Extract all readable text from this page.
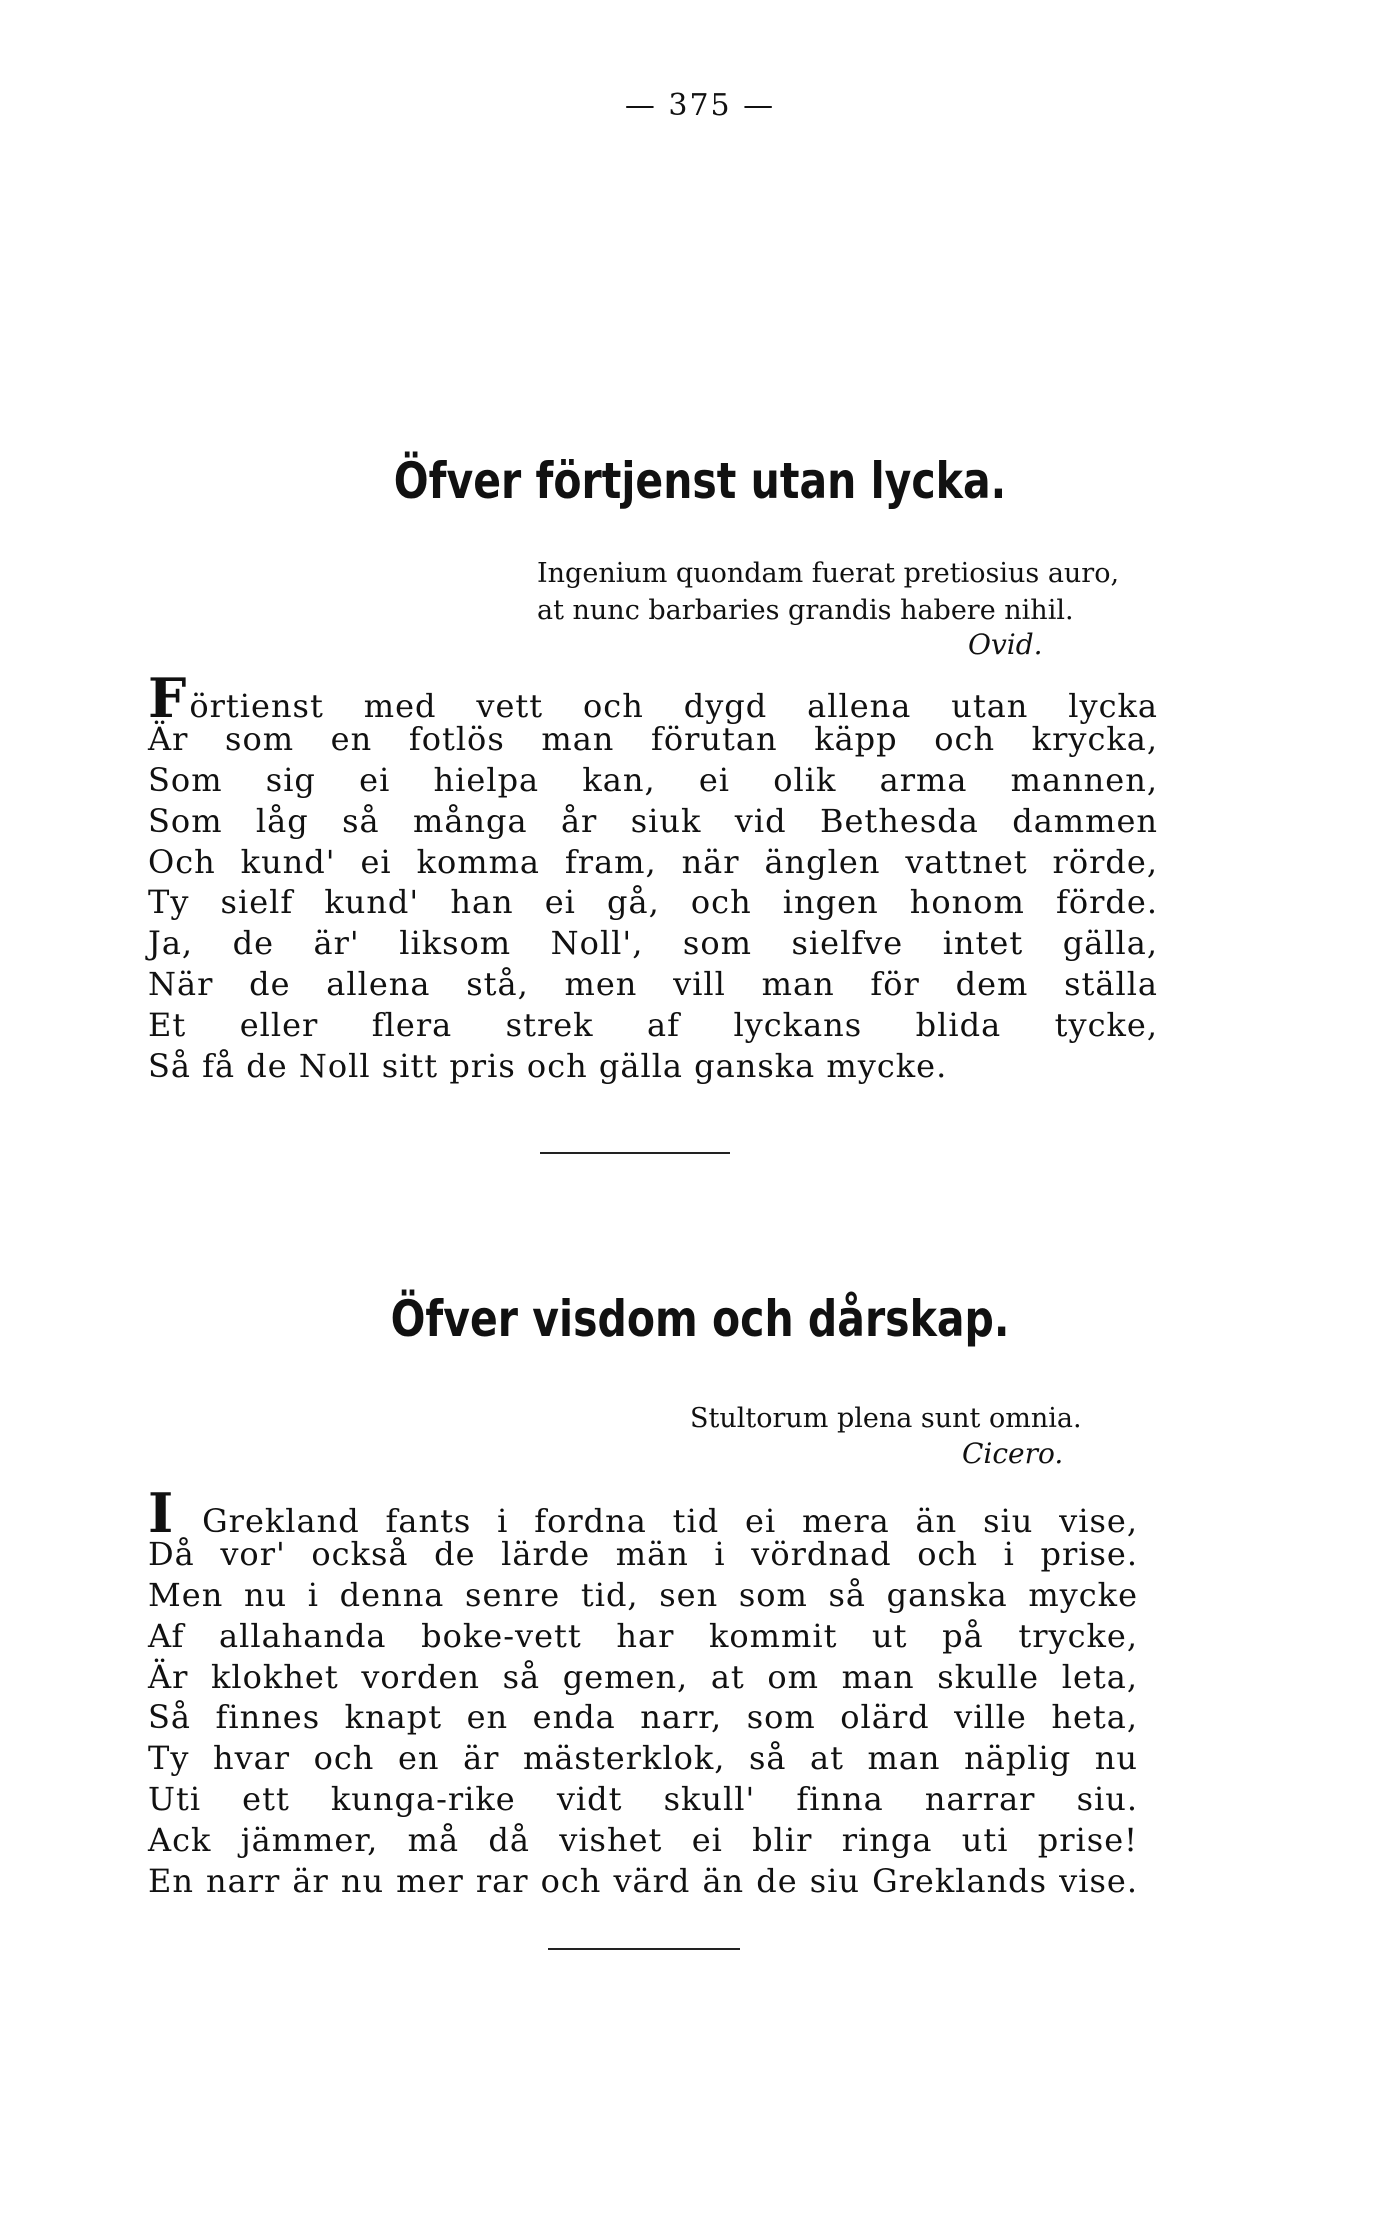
— 375 —
Öfver förtjenst utan lycka.
Ingenium quondam fuerat pretiosius auro,
at nunc barbaries grandis habere nihil.
Ovid.
Förtienst med vett och dygd allena utan lycka
Är som en fotlös man förutan käpp och krycka,
Som sig ei hielpa kan, ei olik arma mannen,
Som låg så många år siuk vid Bethesda dammen
Och kund' ei komma fram, när änglen vattnet rörde,
Ty sielf kund' han ei gå, och ingen honom förde.
Ja, de är' liksom Noll', som sielfve intet gälla,
När de allena stå, men vill man för dem ställa
Et eller flera strek af lyckans blida tycke,
Så få de Noll sitt pris och gälla ganska mycke.
Öfver visdom och dårskap.
Stultorum plena sunt omnia.
Cicero.
I Grekland fants i fordna tid ei mera än siu vise,
Då vor' också de lärde män i vördnad och i prise.
Men nu i denna senre tid, sen som så ganska mycke
Af allahanda boke-vett har kommit ut på trycke,
Är klokhet vorden så gemen, at om man skulle leta,
Så finnes knapt en enda narr, som olärd ville heta,
Ty hvar och en är mästerklok, så at man näplig nu
Uti ett kunga-rike vidt skull' finna narrar siu.
Ack jämmer, må då vishet ei blir ringa uti prise!
En narr är nu mer rar och värd än de siu Greklands vise.
